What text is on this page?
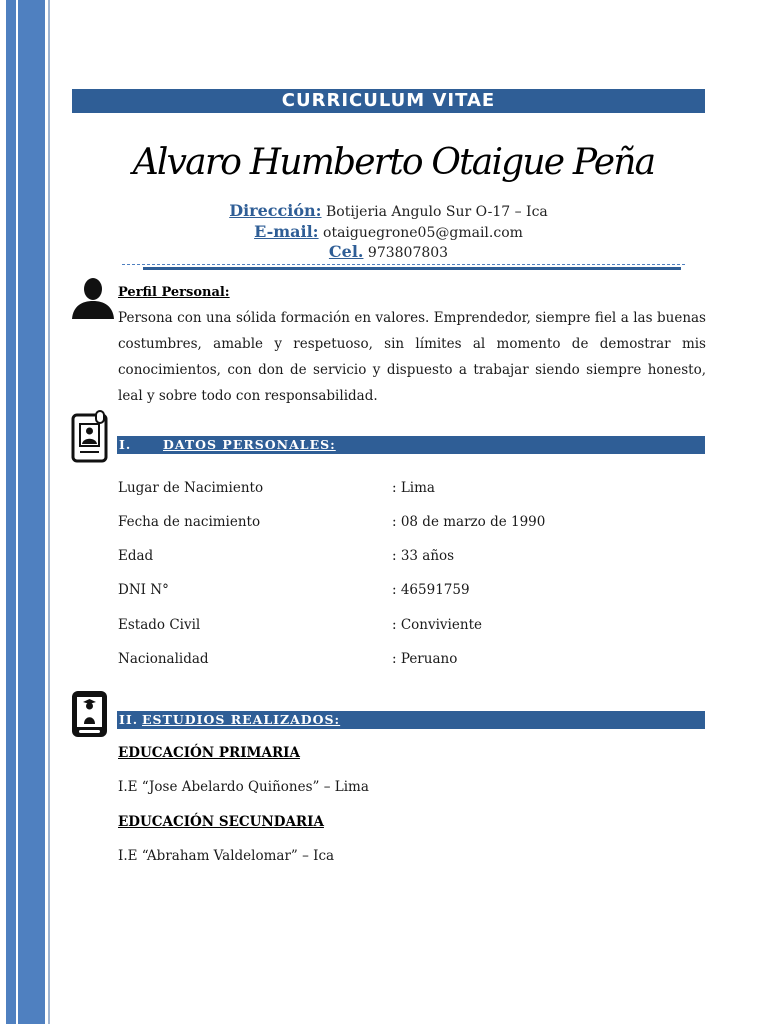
CURRICULUM VITAE
Alvaro Humberto Otaigue Peña
Dirección: Botijeria Angulo Sur O-17 – Ica
E-mail: otaiguegrone05@gmail.com
Cel. 973807803
Perfil Personal:
Persona con una sólida formación en valores. Emprendedor, siempre fiel a las buenas costumbres, amable y respetuoso, sin límites al momento de demostrar mis conocimientos, con don de servicio y dispuesto a trabajar siendo siempre honesto, leal y sobre todo con responsabilidad.
I.	DATOS PERSONALES:
Lugar de Nacimiento	: Lima
Fecha de nacimiento	: 08 de marzo de 1990
Edad	: 33 años
DNI N°	: 46591759
Estado Civil	: Conviviente
Nacionalidad	: Peruano
II. ESTUDIOS REALIZADOS:
EDUCACIÓN PRIMARIA
I.E “Jose Abelardo Quiñones” – Lima
EDUCACIÓN SECUNDARIA
I.E “Abraham Valdelomar” – Ica
